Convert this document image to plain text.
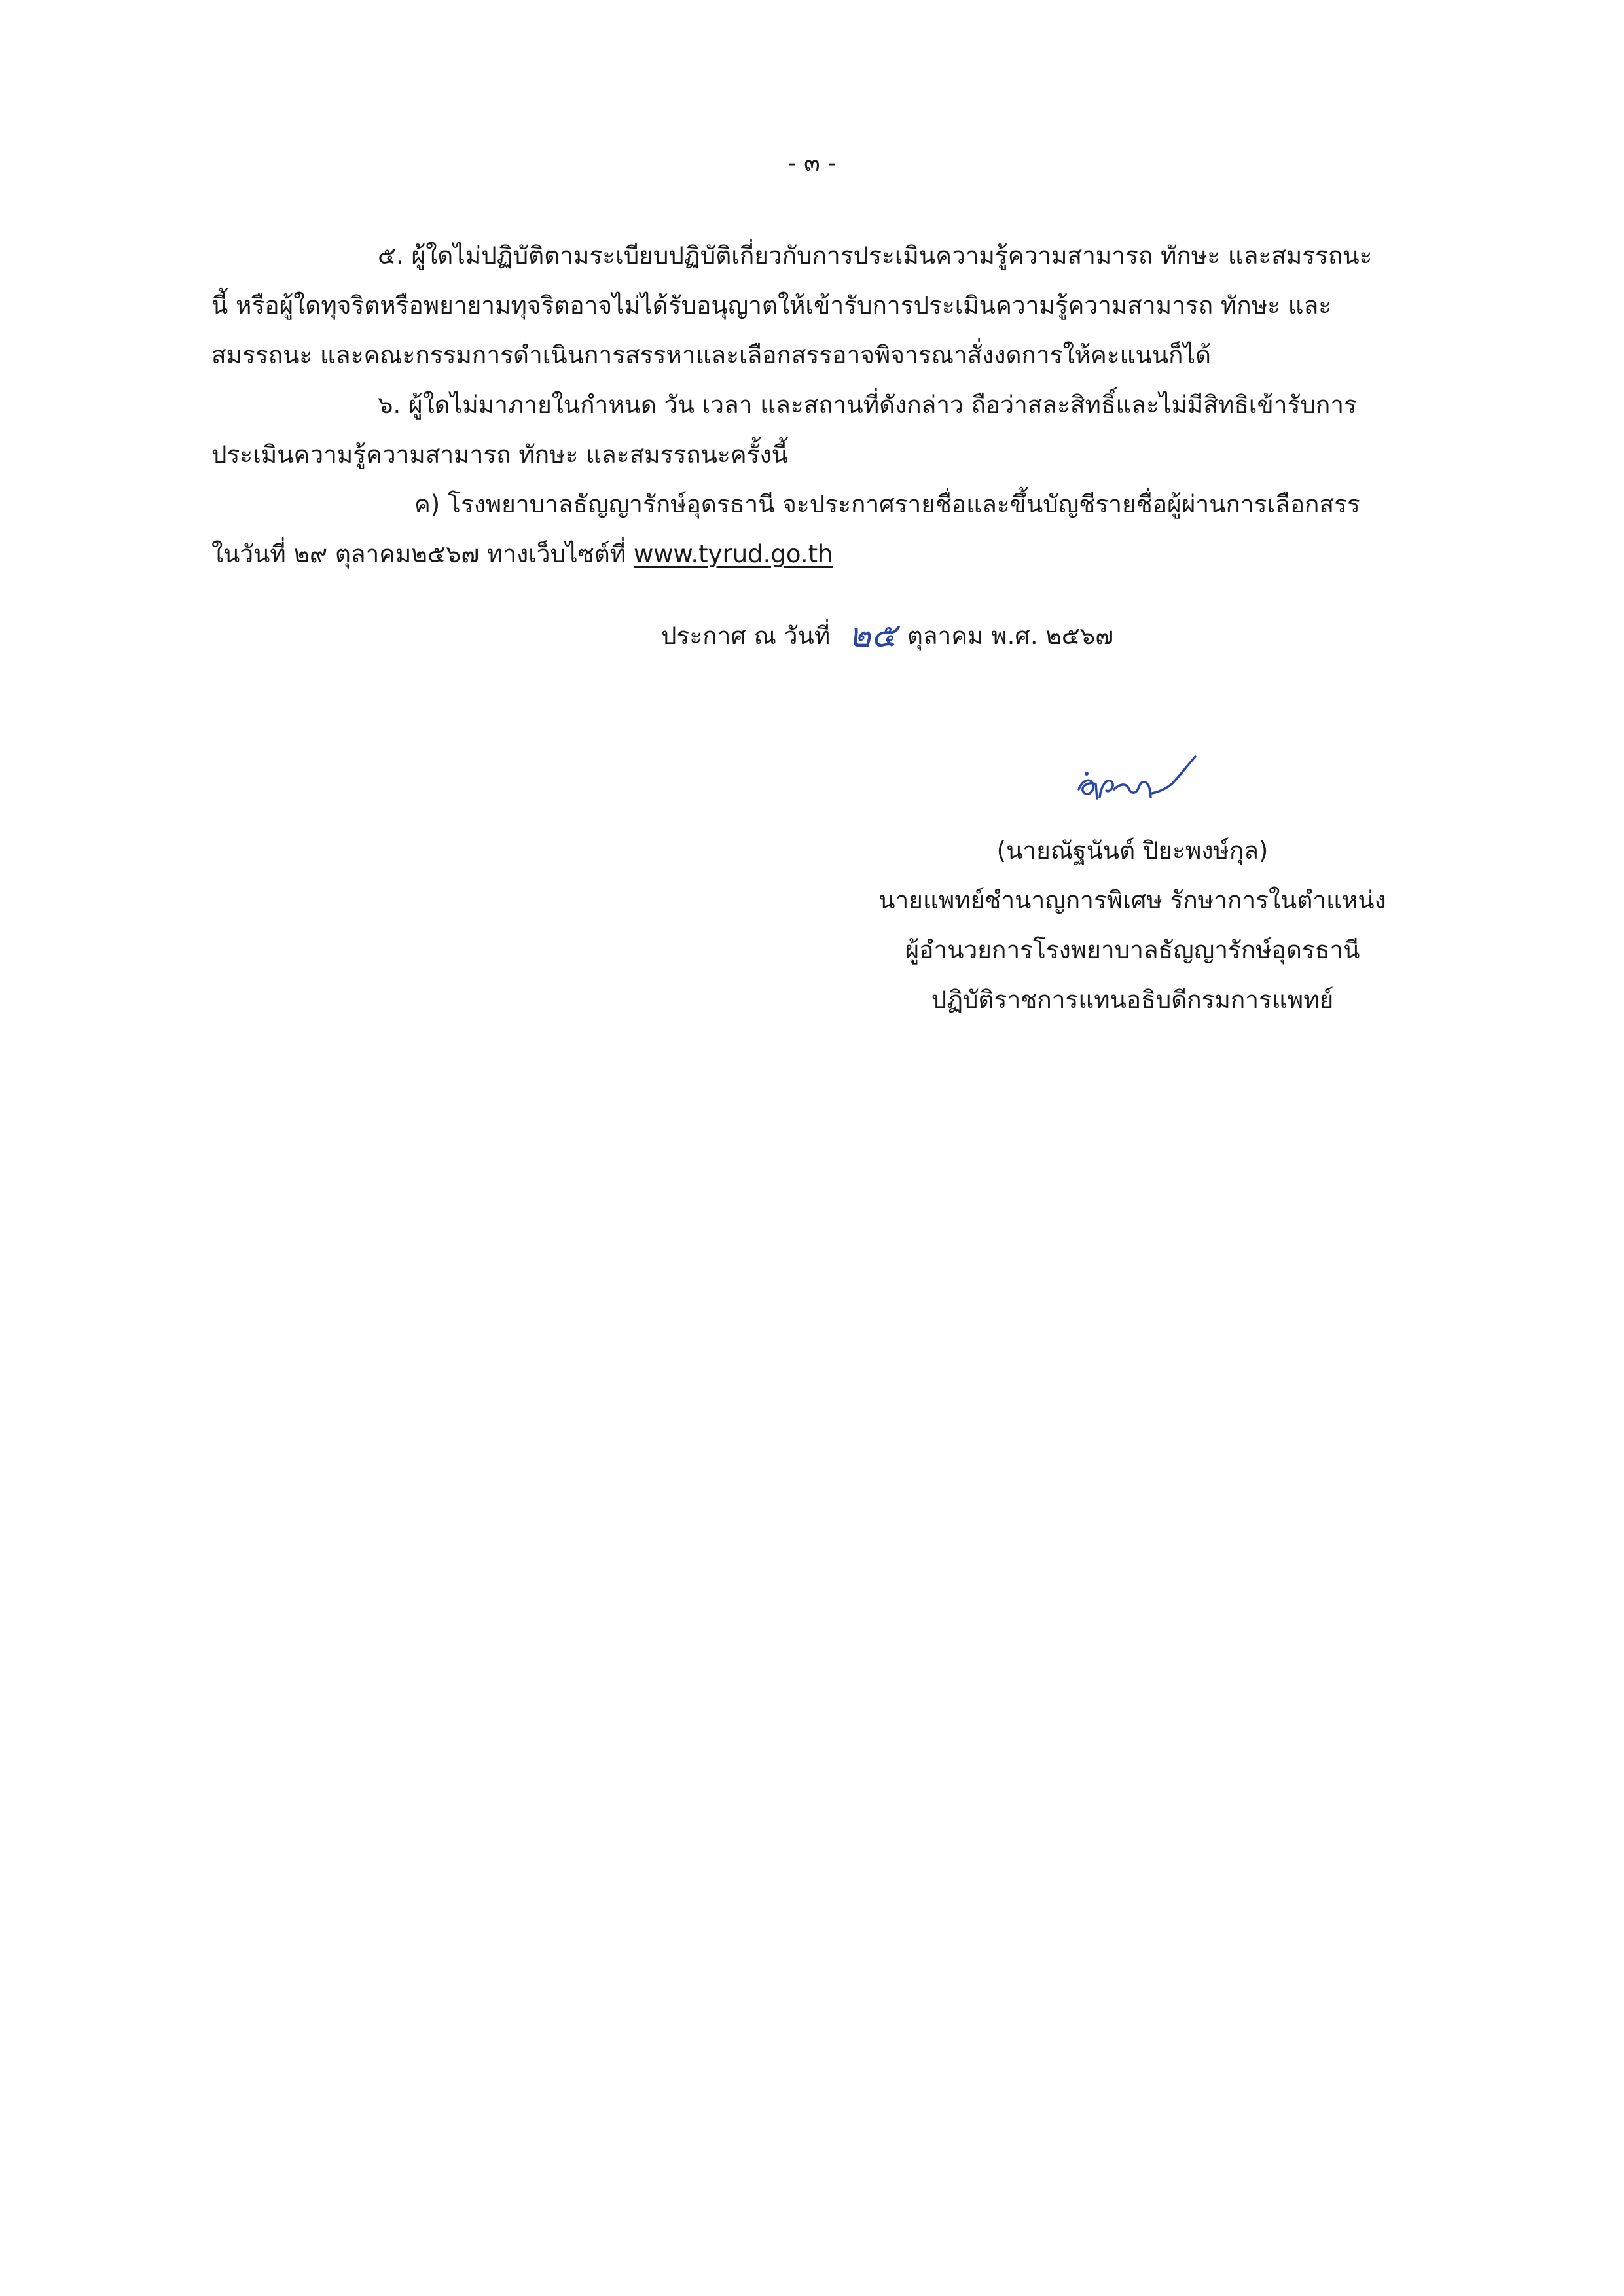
- ๓ -
๕. ผู้ใดไม่ปฏิบัติตามระเบียบปฏิบัติเกี่ยวกับการประเมินความรู้ความสามารถ ทักษะ และสมรรถนะ
นี้ หรือผู้ใดทุจริตหรือพยายามทุจริตอาจไม่ได้รับอนุญาตให้เข้ารับการประเมินความรู้ความสามารถ ทักษะ และ
สมรรถนะ และคณะกรรมการดำเนินการสรรหาและเลือกสรรอาจพิจารณาสั่งงดการให้คะแนนก็ได้
๖. ผู้ใดไม่มาภายในกำหนด วัน เวลา และสถานที่ดังกล่าว ถือว่าสละสิทธิ์และไม่มีสิทธิเข้ารับการ
ประเมินความรู้ความสามารถ ทักษะ และสมรรถนะครั้งนี้
ค) โรงพยาบาลธัญญารักษ์อุดรธานี จะประกาศรายชื่อและขึ้นบัญชีรายชื่อผู้ผ่านการเลือกสรร
ในวันที่ ๒๙ ตุลาคม๒๕๖๗ ทางเว็บไซต์ที่ www.tyrud.go.th
ประกาศ ณ วันที่ ๒๕ ตุลาคม พ.ศ. ๒๕๖๗
(นายณัฐนันต์ ปิยะพงษ์กุล)
นายแพทย์ชำนาญการพิเศษ รักษาการในตำแหน่ง
ผู้อำนวยการโรงพยาบาลธัญญารักษ์อุดรธานี
ปฏิบัติราชการแทนอธิบดีกรมการแพทย์
